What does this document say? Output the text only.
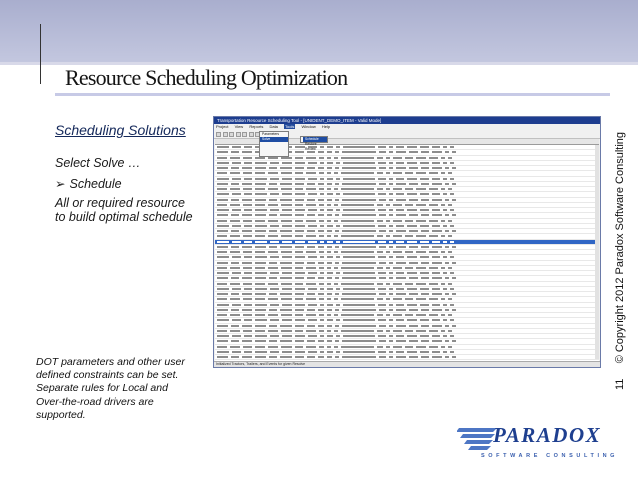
Resource Scheduling Optimization
11     © Copyright 2012 Paradox Software Consulting
Scheduling Solutions
Select Solve …
➢ Schedule
All or required resource
to build optimal schedule
DOT parameters and other user defined constraints can be set. Separate rules for Local and Over-the-road drivers are supported.
Transportation Resource Scheduling Tool - [UNIDENT_DEMO_ITEM - Valid Mode]
Project View Reports Data Tools Window Help
Parameters
Solve	Schedule
Restore
Review
Initialized Tractors, Trailers, and Events for given Resolve
PARADOX
SOFTWARE CONSULTING
